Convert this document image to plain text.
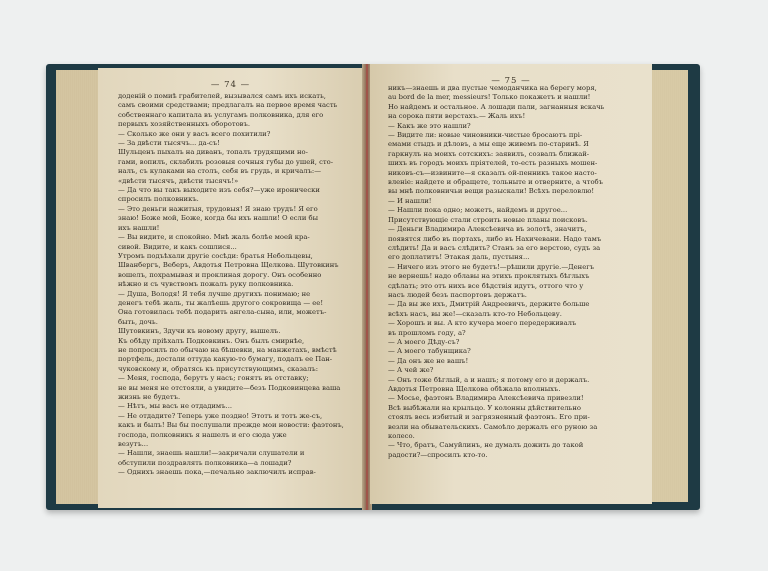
— 74 —
доденій о помиѣ грабителей, вызывался самъ ихъ искать,
самъ своими средствами; предлагалъ на первое время часть
собственнаго капитала въ услугамъ полковника, для его
первыхъ хозяйственныхъ оборотовъ.
— Сколько же они у васъ всего похитили?
— За двѣсти тысячъ... да-съ!
Шульценъ пыхалъ на диванъ, топалъ трудящими но-
гами, вопилъ, склабилъ розовыя сочныя губы до ушей, сто-
налъ, съ кулаками на столъ, себя въ грудь, и кричалъ:—
«двѣсти тысячъ, двѣсти тысячъ!»
— Да что вы такъ выходите изъ себя?—уже иронически
спросилъ полковникъ.
— Это деньги нажитыя, трудовыя! Я знаю трудъ! Я его
знаю! Боже мой, Боже, когда бы ихъ нашли! О если бы
ихъ нашли!
— Вы видите, и спокойно. Мнѣ жаль болѣе моей кра-
сивой. Видите, и какъ сошлися...
Утромъ подъѣхали другіе сосѣди: братья Небольцевы,
Шванбергъ, Веберъ, Авдотья Петровна Щелкова. Шутовкинъ
вошелъ, похрамывая и проклиная дорогу. Онъ особенно
нѣжно и съ чувствомъ пожалъ руку полковника.
— Душа, Володя! Я тебя лучше другихъ понимаю; не
денегъ тебѣ жаль, ты жалѣешь другого сокровища — ее!
Она готовилась тебѣ подарить ангела-сына, или, можетъ-
быть, дочь.
Шутовкинъ, Здучи къ новому другу, вышелъ.
Къ обѣду пріѣхалъ Подковкинъ. Онъ былъ смирнѣе,
не попросилъ по обычаю на бѣшевки, на манжетахъ, вмѣстѣ
портфель, достали оттуда какую-то бумагу, подалъ ее Пан-
чуковскому и, обратясь къ присутствующимъ, сказалъ:
— Меня, господа, берутъ у насъ; гонятъ въ отставку;
не вы меня не отстояли, а увидите—безъ Подковинцева ваша
жизнь не будетъ.
— Нѣтъ, мы васъ не отдадимъ...
— Не отдадите? Теперь уже поздно! Этотъ и тотъ же-съ,
какъ и былъ! Вы бы послушали прежде мои новости: фаэтонъ,
господа, полковникъ я нашелъ и его сюда уже
везутъ...
— Нашли, знаешь нашли!—закричали слушатели и
обступили поздравлять полковника—а лошади?
— Однихъ знаешь пока,—печально заключилъ исправ-
— 75 —
никъ—знаешь и два пустые чемоданчика на берегу моря,
au bord de la mer, messieurs! Только покажетъ и нашли!
Но найдемъ и остальное. А лошади пали, загнанныя вскачь
на сорока пяти верстахъ.— Жаль ихъ!
— Какъ же это нашли?
— Видите ли: новые чиновники-чистые бросаютъ прі-
емами стыдъ и дѣловъ, а мы еще живемъ по-старинѣ. Я
гаркнулъ на моихъ сотскихъ: заявилъ, созвалъ ближай-
шихъ въ городъ моихъ пріятелей, то-есть разныхъ мошен-
никовъ-съ—извините—я сказалъ ой-пенникъ такое насто-
вленіе: найдете и обращете, тольныте и отверните, а чтобъ
вы мнѣ полковничьи вещи разыскали! Всѣхъ переловлю!
— И нашли!
— Нашли пока одно; можетъ, найдемъ и другое...
Присутствующіе стали строить новые планы поисковъ.
— Деньги Владимира Алексѣевича въ золотѣ, значитъ,
появятся либо въ портахъ, либо въ Нахичевани. Надо тамъ
слѣдить! Да и васъ слѣдить? Станъ за его верстою, судъ за
его доплатитъ! Этакая даль, пустыня...
— Ничего изъ этого не будетъ!—рѣшили другіе.—Денегъ
не вернешь! надо облавы на этихъ проклятыхъ бѣглыхъ
сдѣлать; это отъ нихъ все бѣдствія идутъ, оттого что у
насъ людей безъ паспортовъ держатъ.
— Да вы же ихъ, Дмитрій Андреевичъ, держите больше
всѣхъ насъ, вы же!—сказалъ кто-то Небольцеву.
— Хорошъ и вы. А кто кучера моего передерживалъ
въ прошломъ году, а?
— А моего Дѣду-съ?
— А моего табунщика?
— Да онъ же не вашъ!
— А чей же?
— Онъ тоже бѣглый, а и нашъ; я потому его и держалъ.
Авдотья Петровна Щелкова обѣжала вполныхъ.
— Мосье, фаэтонъ Владимира Алексѣевича привезли!
Всѣ выбѣжали на крыльцо. У колонны дѣйствительно
стоялъ весь избитый и загрязненный фаэтонъ. Его при-
везли на обывательскихъ. Самоѣло держалъ его руною за
колесо.
— Что, братъ, Самуйлинъ, не думалъ дожить до такой
радости?—спросилъ кто-то.
